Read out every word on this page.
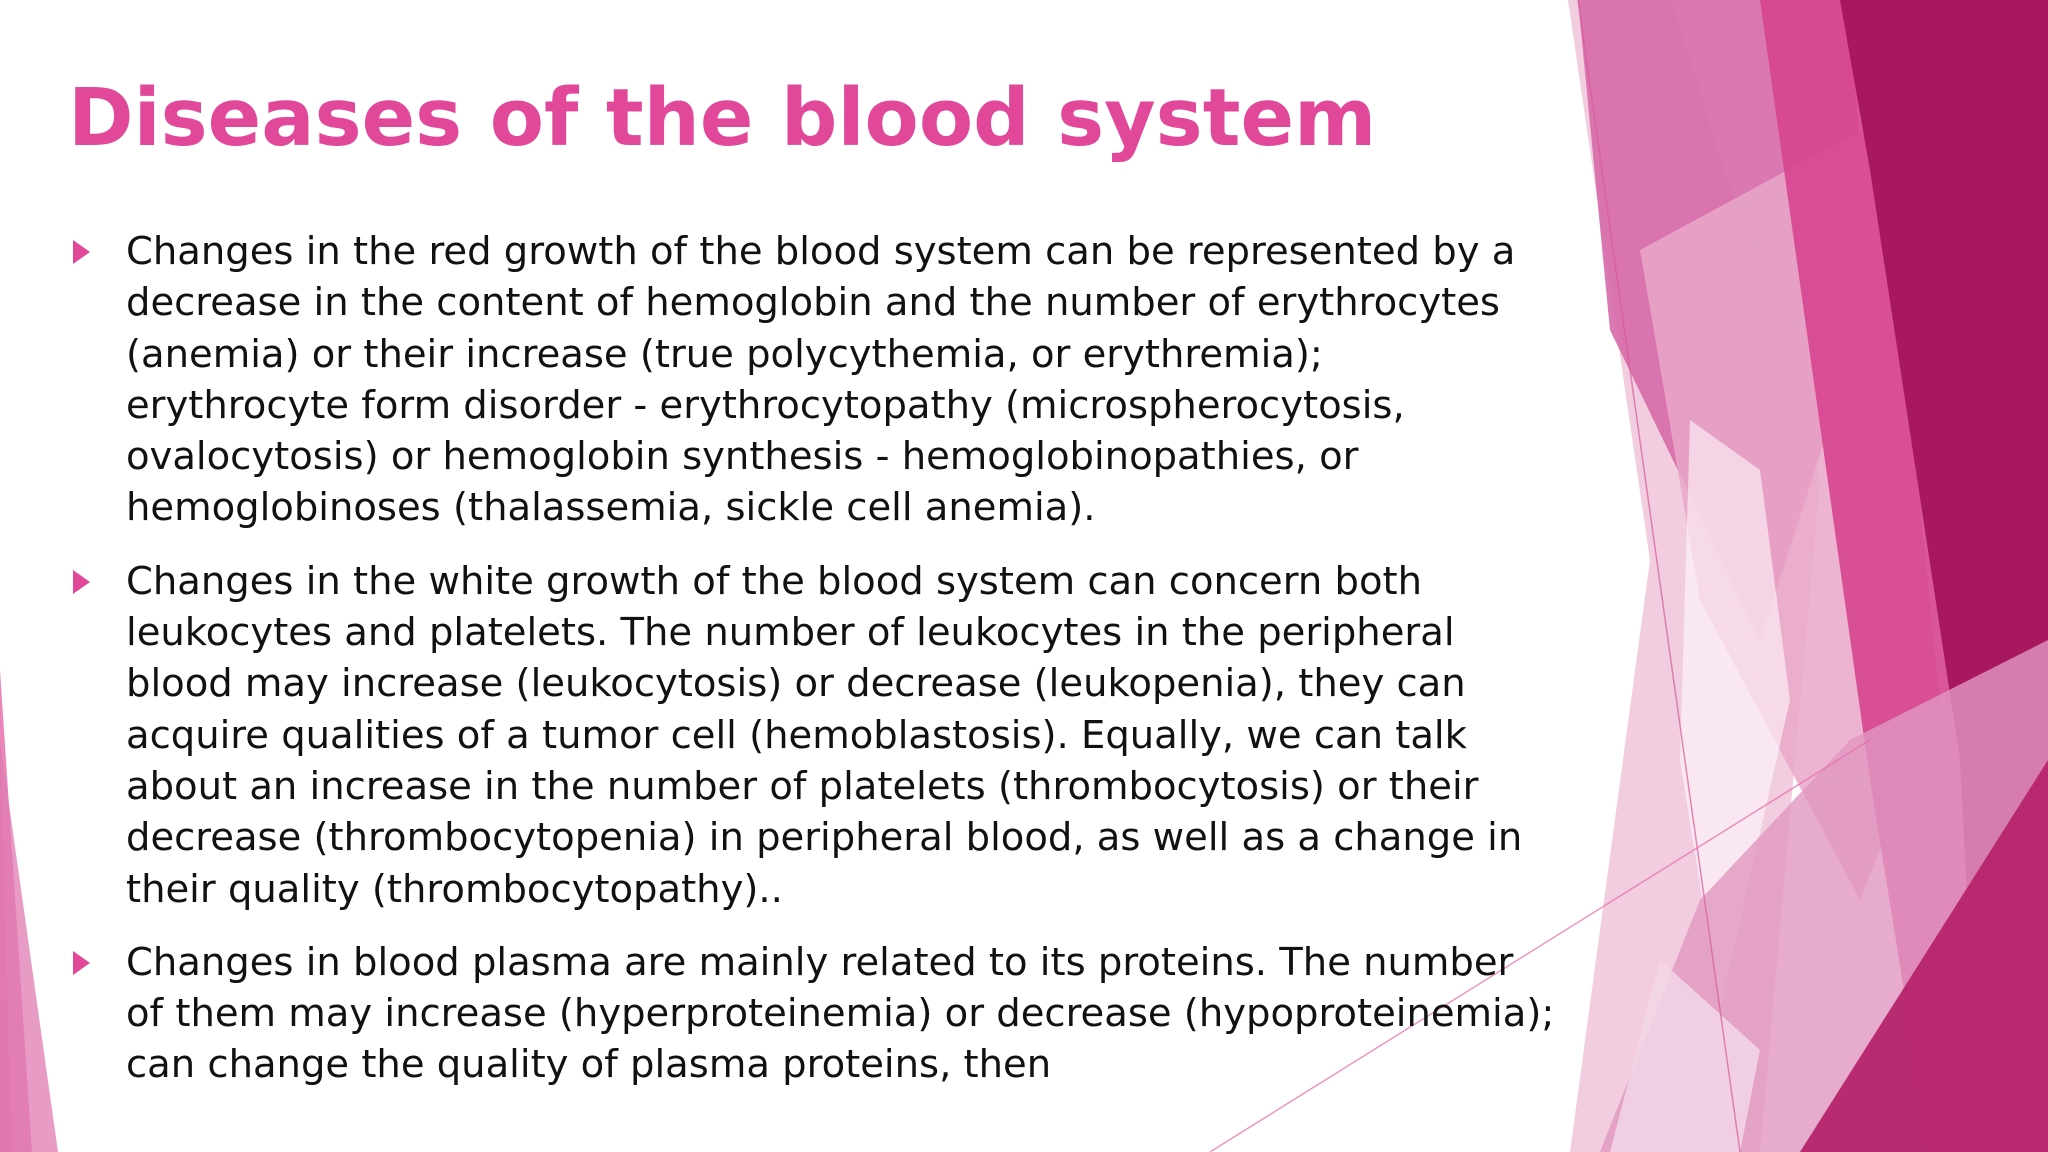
Diseases of the blood system
Changes in the red growth of the blood system can be represented by a decrease in the content of hemoglobin and the number of erythrocytes (anemia) or their increase (true polycythemia, or erythremia); erythrocyte form disorder - erythrocytopathy (microspherocytosis, ovalocytosis) or hemoglobin synthesis - hemoglobinopathies, or hemoglobinoses (thalassemia, sickle cell anemia).
Changes in the white growth of the blood system can concern both leukocytes and platelets. The number of leukocytes in the peripheral blood may increase (leukocytosis) or decrease (leukopenia), they can acquire qualities of a tumor cell (hemoblastosis). Equally, we can talk about an increase in the number of platelets (thrombocytosis) or their decrease (thrombocytopenia) in peripheral blood, as well as a change in their quality (thrombocytopathy)..
Changes in blood plasma are mainly related to its proteins. The number of them may increase (hyperproteinemia) or decrease (hypoproteinemia); can change the quality of plasma proteins, then
